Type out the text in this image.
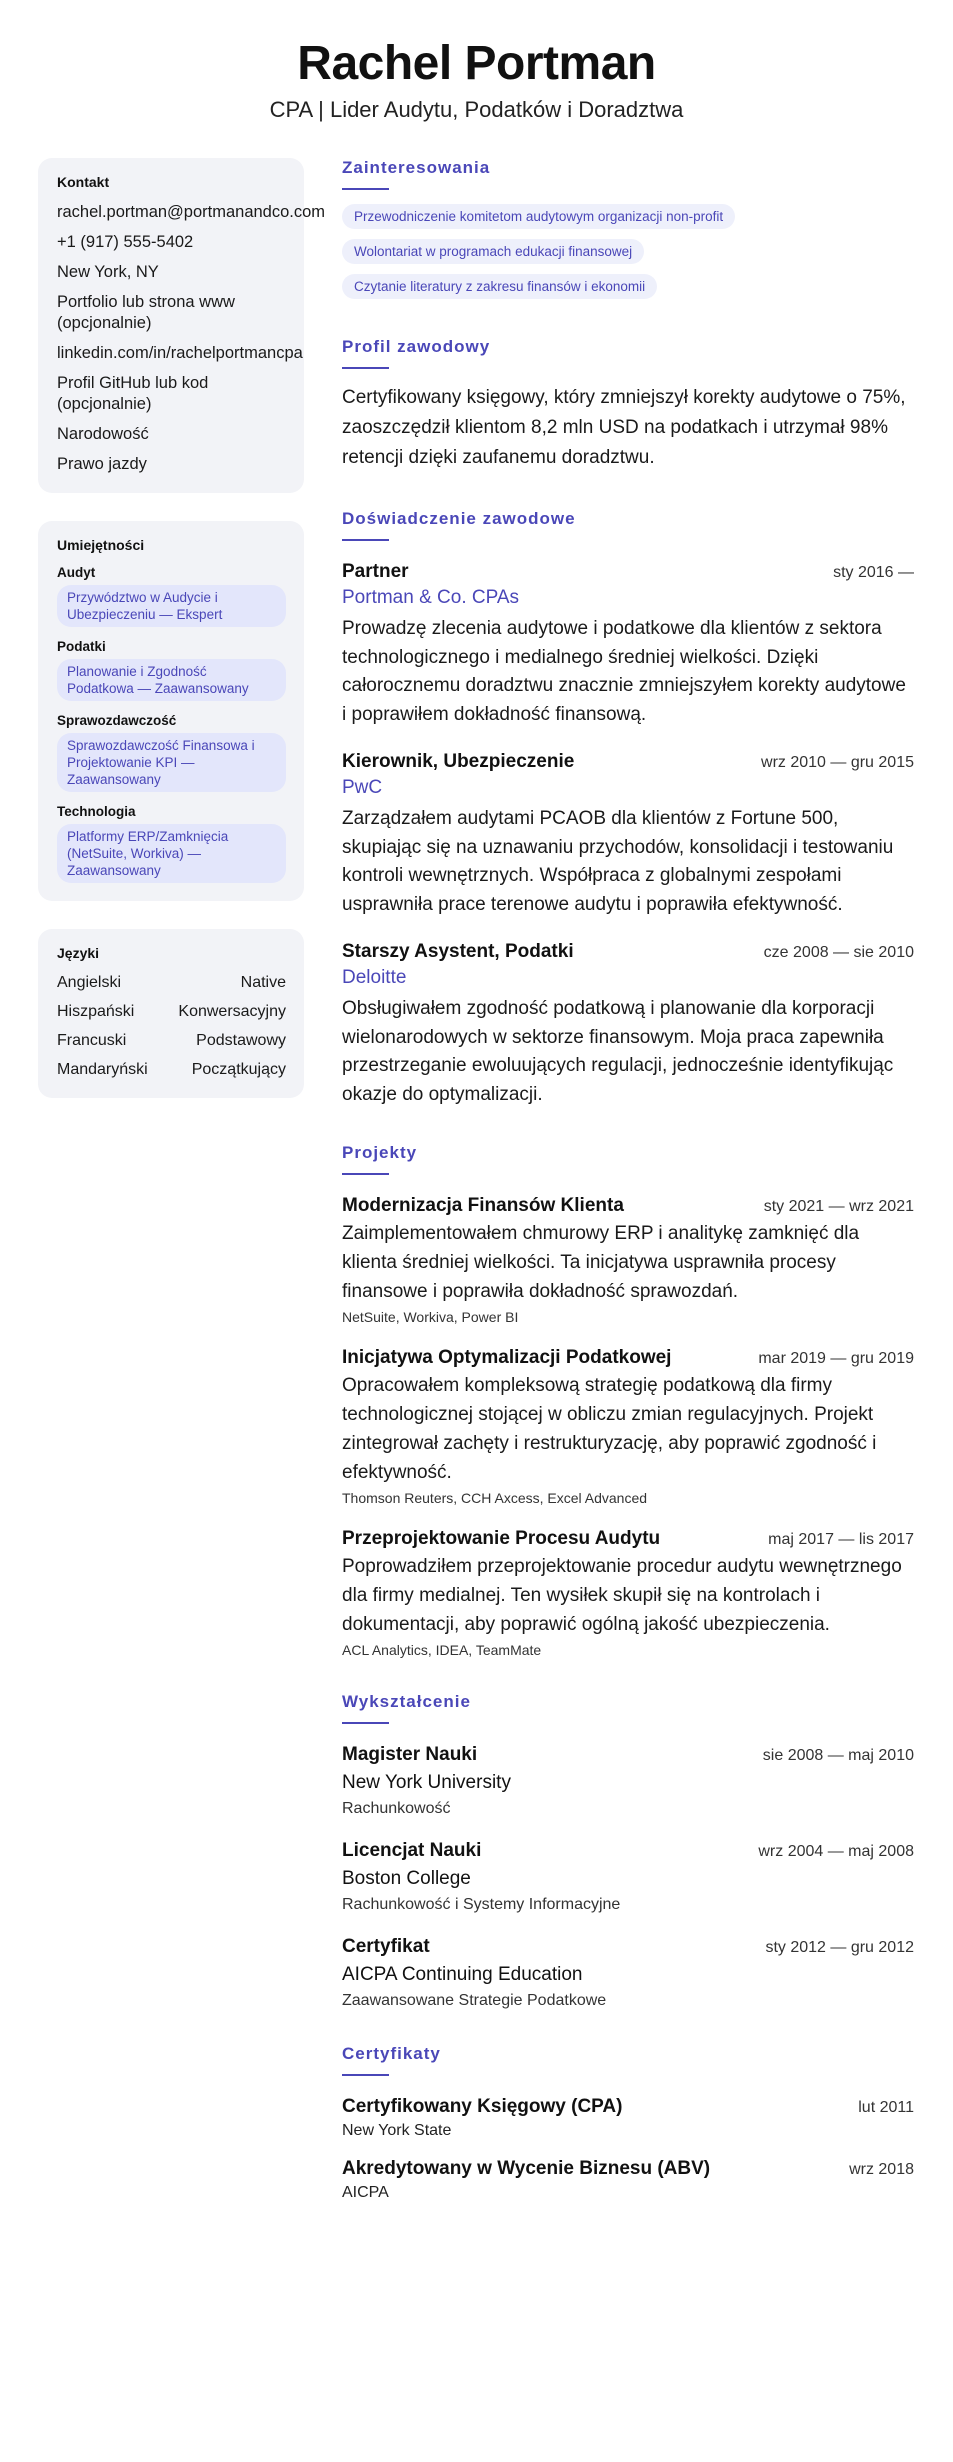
Rachel Portman
CPA | Lider Audytu, Podatków i Doradztwa
Kontakt
rachel.portman@portmanandco.com
+1 (917) 555-5402
New York, NY
Portfolio lub strona www (opcjonalnie)
linkedin.com/in/rachelportmancpa
Profil GitHub lub kod (opcjonalnie)
Narodowość
Prawo jazdy
Umiejętności
Audyt
Przywództwo w Audycie i Ubezpieczeniu — Ekspert
Podatki
Planowanie i Zgodność Podatkowa — Zaawansowany
Sprawozdawczość
Sprawozdawczość Finansowa i Projektowanie KPI — Zaawansowany
Technologia
Platformy ERP/Zamknięcia (NetSuite, Workiva) — Zaawansowany
Języki
Angielski	Native
Hiszpański	Konwersacyjny
Francuski	Podstawowy
Mandaryński	Początkujący
Zainteresowania
Przewodniczenie komitetom audytowym organizacji non-profit
Wolontariat w programach edukacji finansowej
Czytanie literatury z zakresu finansów i ekonomii
Profil zawodowy
Certyfikowany księgowy, który zmniejszył korekty audytowe o 75%, zaoszczędził klientom 8,2 mln USD na podatkach i utrzymał 98% retencji dzięki zaufanemu doradztwu.
Doświadczenie zawodowe
Partner	sty 2016 —
Portman & Co. CPAs
Prowadzę zlecenia audytowe i podatkowe dla klientów z sektora technologicznego i medialnego średniej wielkości. Dzięki całorocznemu doradztwu znacznie zmniejszyłem korekty audytowe i poprawiłem dokładność finansową.
Kierownik, Ubezpieczenie	wrz 2010 — gru 2015
PwC
Zarządzałem audytami PCAOB dla klientów z Fortune 500, skupiając się na uznawaniu przychodów, konsolidacji i testowaniu kontroli wewnętrznych. Współpraca z globalnymi zespołami usprawniła prace terenowe audytu i poprawiła efektywność.
Starszy Asystent, Podatki	cze 2008 — sie 2010
Deloitte
Obsługiwałem zgodność podatkową i planowanie dla korporacji wielonarodowych w sektorze finansowym. Moja praca zapewniła przestrzeganie ewoluujących regulacji, jednocześnie identyfikując okazje do optymalizacji.
Projekty
Modernizacja Finansów Klienta	sty 2021 — wrz 2021
Zaimplementowałem chmurowy ERP i analitykę zamknięć dla klienta średniej wielkości. Ta inicjatywa usprawniła procesy finansowe i poprawiła dokładność sprawozdań.
NetSuite, Workiva, Power BI
Inicjatywa Optymalizacji Podatkowej	mar 2019 — gru 2019
Opracowałem kompleksową strategię podatkową dla firmy technologicznej stojącej w obliczu zmian regulacyjnych. Projekt zintegrował zachęty i restrukturyzację, aby poprawić zgodność i efektywność.
Thomson Reuters, CCH Axcess, Excel Advanced
Przeprojektowanie Procesu Audytu	maj 2017 — lis 2017
Poprowadziłem przeprojektowanie procedur audytu wewnętrznego dla firmy medialnej. Ten wysiłek skupił się na kontrolach i dokumentacji, aby poprawić ogólną jakość ubezpieczenia.
ACL Analytics, IDEA, TeamMate
Wykształcenie
Magister Nauki	sie 2008 — maj 2010
New York University
Rachunkowość
Licencjat Nauki	wrz 2004 — maj 2008
Boston College
Rachunkowość i Systemy Informacyjne
Certyfikat	sty 2012 — gru 2012
AICPA Continuing Education
Zaawansowane Strategie Podatkowe
Certyfikaty
Certyfikowany Księgowy (CPA)	lut 2011
New York State
Akredytowany w Wycenie Biznesu (ABV)	wrz 2018
AICPA
